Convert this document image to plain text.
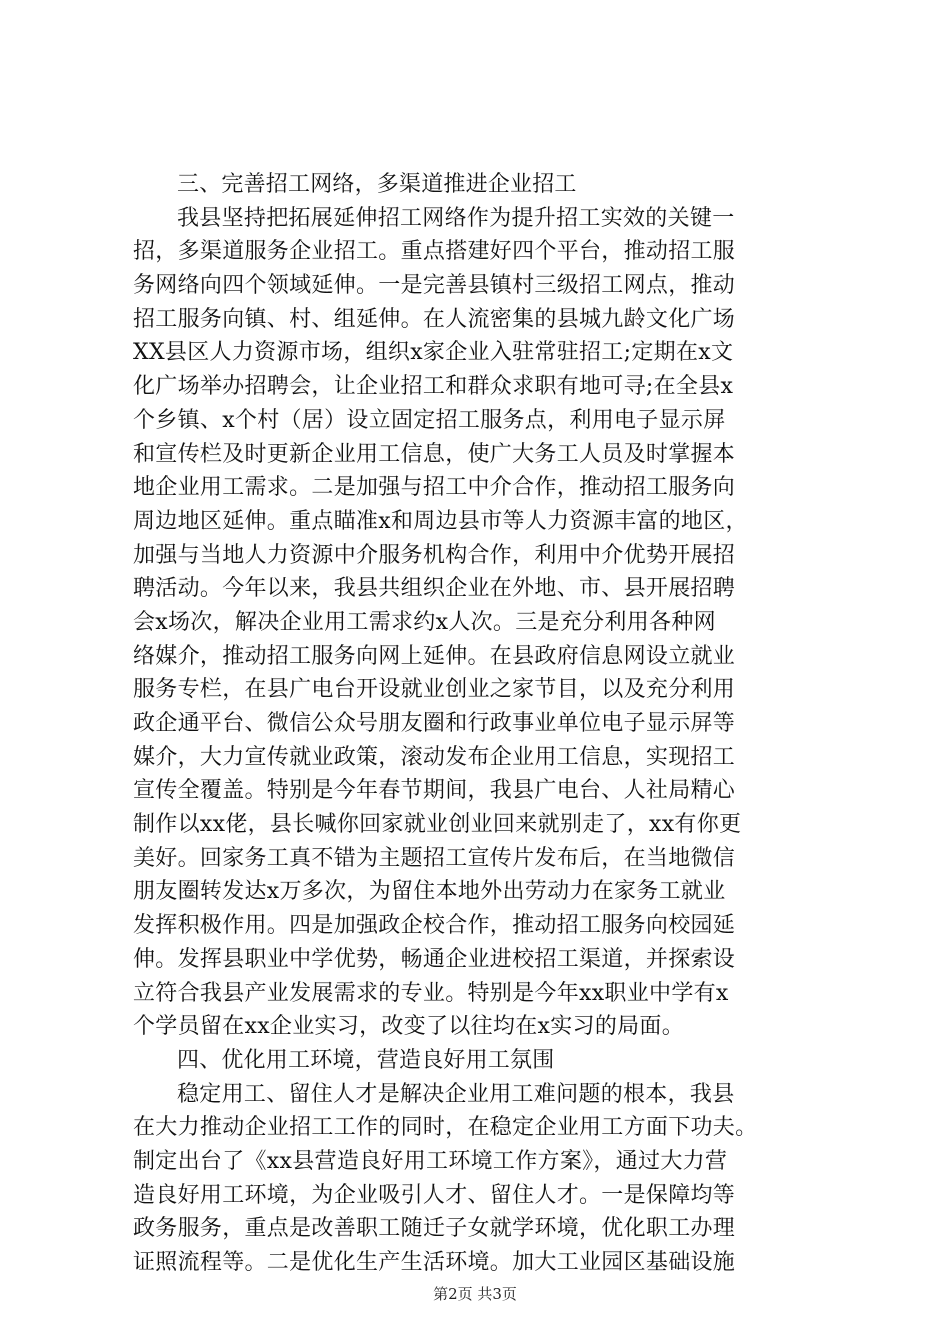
三、完善招工网络，多渠道推进企业招工
我县坚持把拓展延伸招工网络作为提升招工实效的关键一
招，多渠道服务企业招工。重点搭建好四个平台，推动招工服
务网络向四个领域延伸。一是完善县镇村三级招工网点，推动
招工服务向镇、村、组延伸。在人流密集的县城九龄文化广场
XX县区人力资源市场，组织x家企业入驻常驻招工;定期在x文
化广场举办招聘会，让企业招工和群众求职有地可寻;在全县x
个乡镇、x个村（居）设立固定招工服务点，利用电子显示屏
和宣传栏及时更新企业用工信息，使广大务工人员及时掌握本
地企业用工需求。二是加强与招工中介合作，推动招工服务向
周边地区延伸。重点瞄准x和周边县市等人力资源丰富的地区，
加强与当地人力资源中介服务机构合作，利用中介优势开展招
聘活动。今年以来，我县共组织企业在外地、市、县开展招聘
会x场次，解决企业用工需求约x人次。三是充分利用各种网
络媒介，推动招工服务向网上延伸。在县政府信息网设立就业
服务专栏，在县广电台开设就业创业之家节目，以及充分利用
政企通平台、微信公众号朋友圈和行政事业单位电子显示屏等
媒介，大力宣传就业政策，滚动发布企业用工信息，实现招工
宣传全覆盖。特别是今年春节期间，我县广电台、人社局精心
制作以xx佬，县长喊你回家就业创业回来就别走了，xx有你更
美好。回家务工真不错为主题招工宣传片发布后，在当地微信
朋友圈转发达x万多次，为留住本地外出劳动力在家务工就业
发挥积极作用。四是加强政企校合作，推动招工服务向校园延
伸。发挥县职业中学优势，畅通企业进校招工渠道，并探索设
立符合我县产业发展需求的专业。特别是今年xx职业中学有x
个学员留在xx企业实习，改变了以往均在x实习的局面。
四、优化用工环境，营造良好用工氛围
稳定用工、留住人才是解决企业用工难问题的根本，我县
在大力推动企业招工工作的同时，在稳定企业用工方面下功夫。
制定出台了《xx县营造良好用工环境工作方案》，通过大力营
造良好用工环境，为企业吸引人才、留住人才。一是保障均等
政务服务，重点是改善职工随迁子女就学环境，优化职工办理
证照流程等。二是优化生产生活环境。加大工业园区基础设施
第2页 共3页
